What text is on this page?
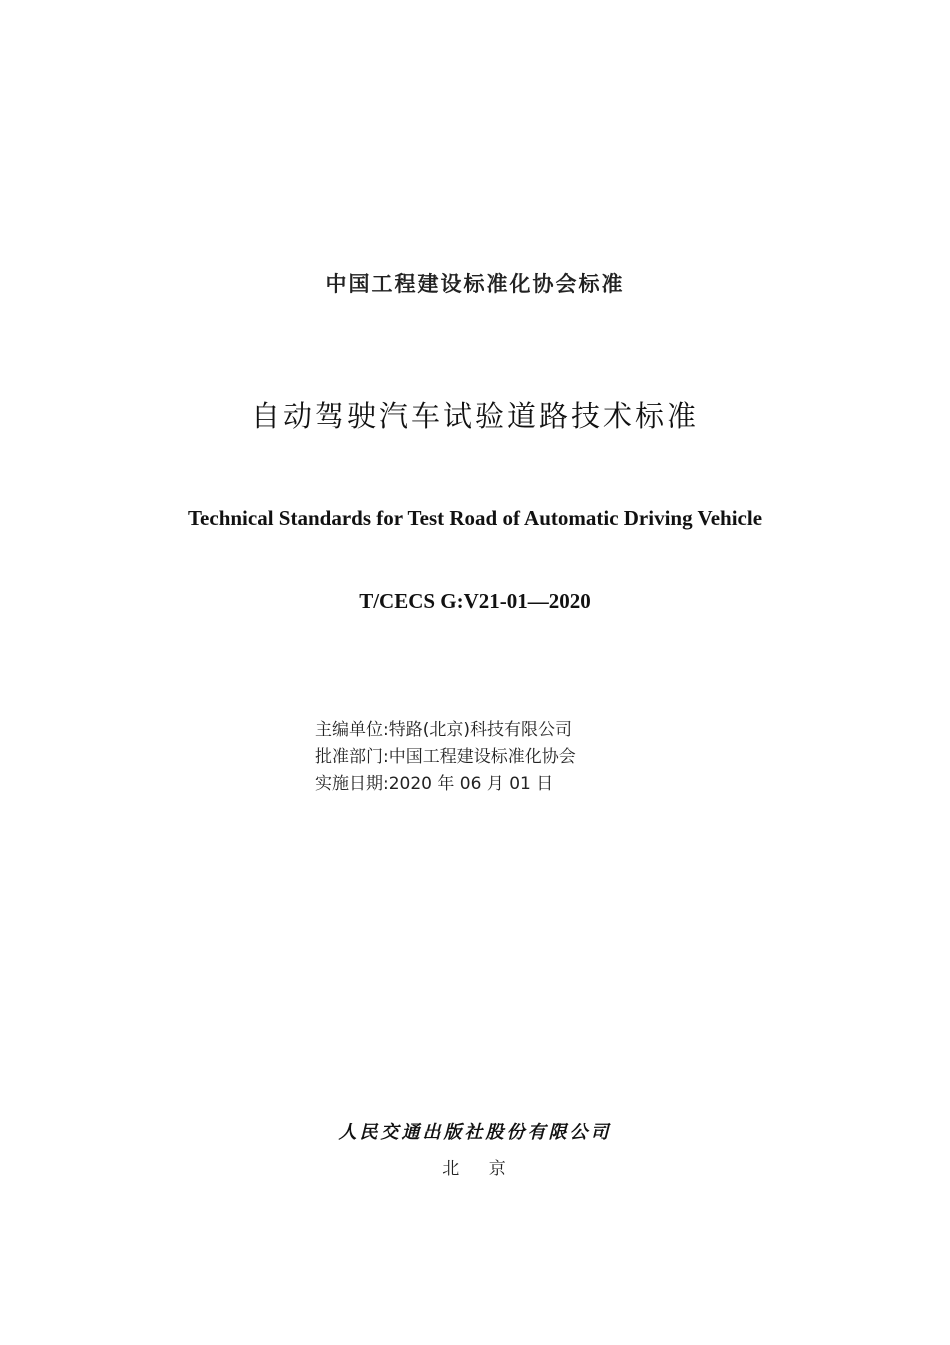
中国工程建设标准化协会标准
自动驾驶汽车试验道路技术标准
Technical Standards for Test Road of Automatic Driving Vehicle
T/CECS G:V21-01—2020
主编单位:特路(北京)科技有限公司
批准部门:中国工程建设标准化协会
实施日期:2020 年 06 月 01 日
人民交通出版社股份有限公司
北 京
